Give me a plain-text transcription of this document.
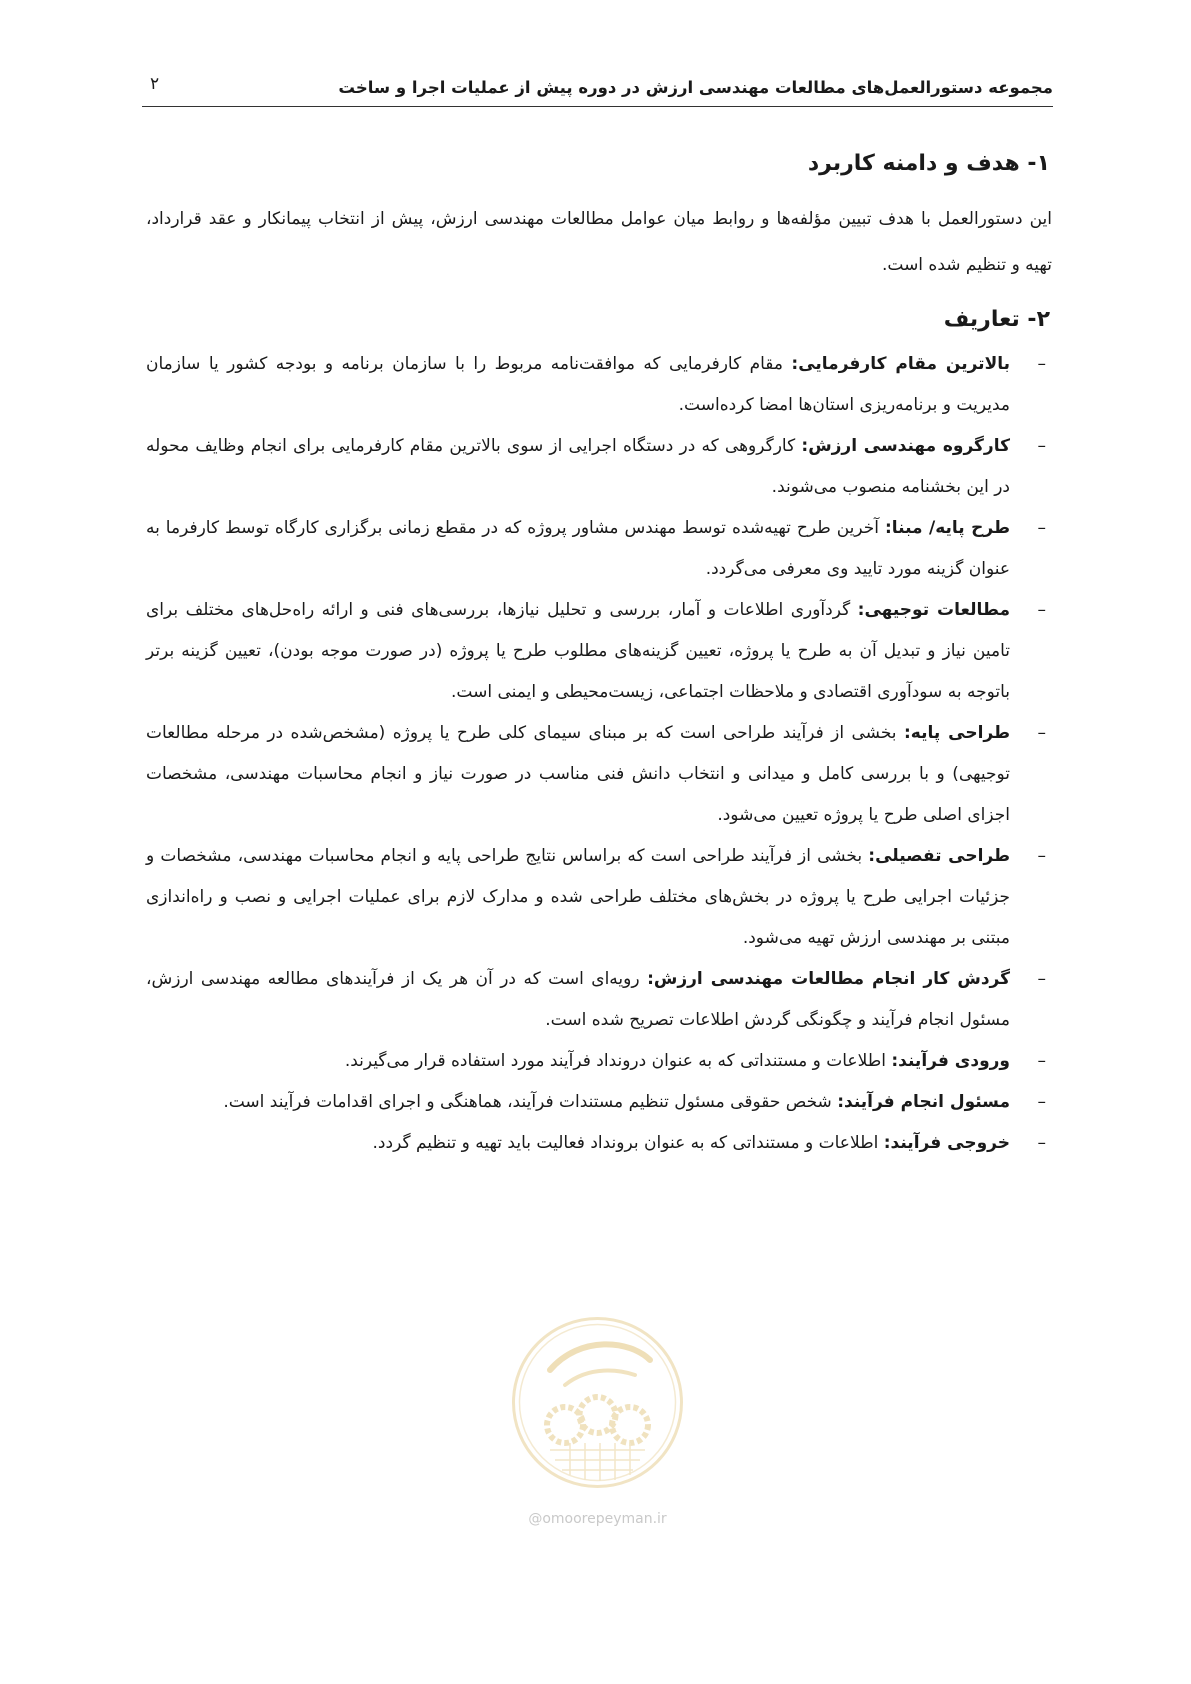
مجموعه دستورالعمل‌های مطالعات مهندسی ارزش در دوره پیش از عملیات اجرا و ساخت
۲
۱- هدف و دامنه کاربرد

این دستورالعمل با هدف تبیین مؤلفه‌ها و روابط میان عوامل مطالعات مهندسی ارزش، پیش از انتخاب پیمانکار و عقد قرارداد، تهیه و تنظیم شده است.

۲- تعاریف
–
بالاترین مقام کارفرمایی: مقام کارفرمایی که موافقت‌نامه مربوط را با سازمان برنامه و بودجه کشور یا سازمان مدیریت و برنامه‌ریزی استان‌ها امضا کرده‌است.
–
کارگروه مهندسی ارزش: کارگروهی که در دستگاه اجرایی از سوی بالاترین مقام کارفرمایی برای انجام وظایف محوله در این بخشنامه منصوب می‌شوند.
–
طرح پایه/ مبنا: آخرین طرح تهیه‌شده توسط مهندس مشاور پروژه که در مقطع زمانی برگزاری کارگاه توسط کارفرما به عنوان گزینه مورد تایید وی معرفی می‌گردد.
–
مطالعات توجیهی: گردآوری اطلاعات و آمار، بررسی و تحلیل نیازها، بررسی‌های فنی و ارائه راه‌حل‌های مختلف برای تامین نیاز و تبدیل آن به طرح یا پروژه، تعیین گزینه‌های مطلوب طرح یا پروژه (در صورت موجه بودن)، تعیین گزینه برتر باتوجه به سودآوری اقتصادی و ملاحظات اجتماعی، زیست‌محیطی و ایمنی است.
–
طراحی پایه: بخشی از فرآیند طراحی است که بر مبنای سیمای کلی طرح یا پروژه (مشخص‌شده در مرحله مطالعات توجیهی) و با بررسی کامل و میدانی و انتخاب دانش فنی مناسب در صورت نیاز و انجام محاسبات مهندسی، مشخصات اجزای اصلی طرح یا پروژه تعیین می‌شود.
–
طراحی تفصیلی: بخشی از فرآیند طراحی است که براساس نتایج طراحی پایه و انجام محاسبات مهندسی، مشخصات و جزئیات اجرایی طرح یا پروژه در بخش‌های مختلف طراحی شده و مدارک لازم برای عملیات اجرایی و نصب و راه‌اندازی مبتنی بر مهندسی ارزش تهیه می‌شود.
–
گردش کار انجام مطالعات مهندسی ارزش: رویه‌ای است که در آن هر یک از فرآیندهای مطالعه مهندسی ارزش، مسئول انجام فرآیند و چگونگی گردش اطلاعات تصریح شده است.
–
ورودی فرآیند: اطلاعات و مستنداتی که به عنوان درونداد فرآیند مورد استفاده قرار می‌گیرند.
–
مسئول انجام فرآیند: شخص حقوقی مسئول تنظیم مستندات فرآیند، هماهنگی و اجرای اقدامات فرآیند است.
–
خروجی فرآیند: اطلاعات و مستنداتی که به عنوان برونداد فعالیت باید تهیه و تنظیم گردد.
@omoorepeyman.ir
